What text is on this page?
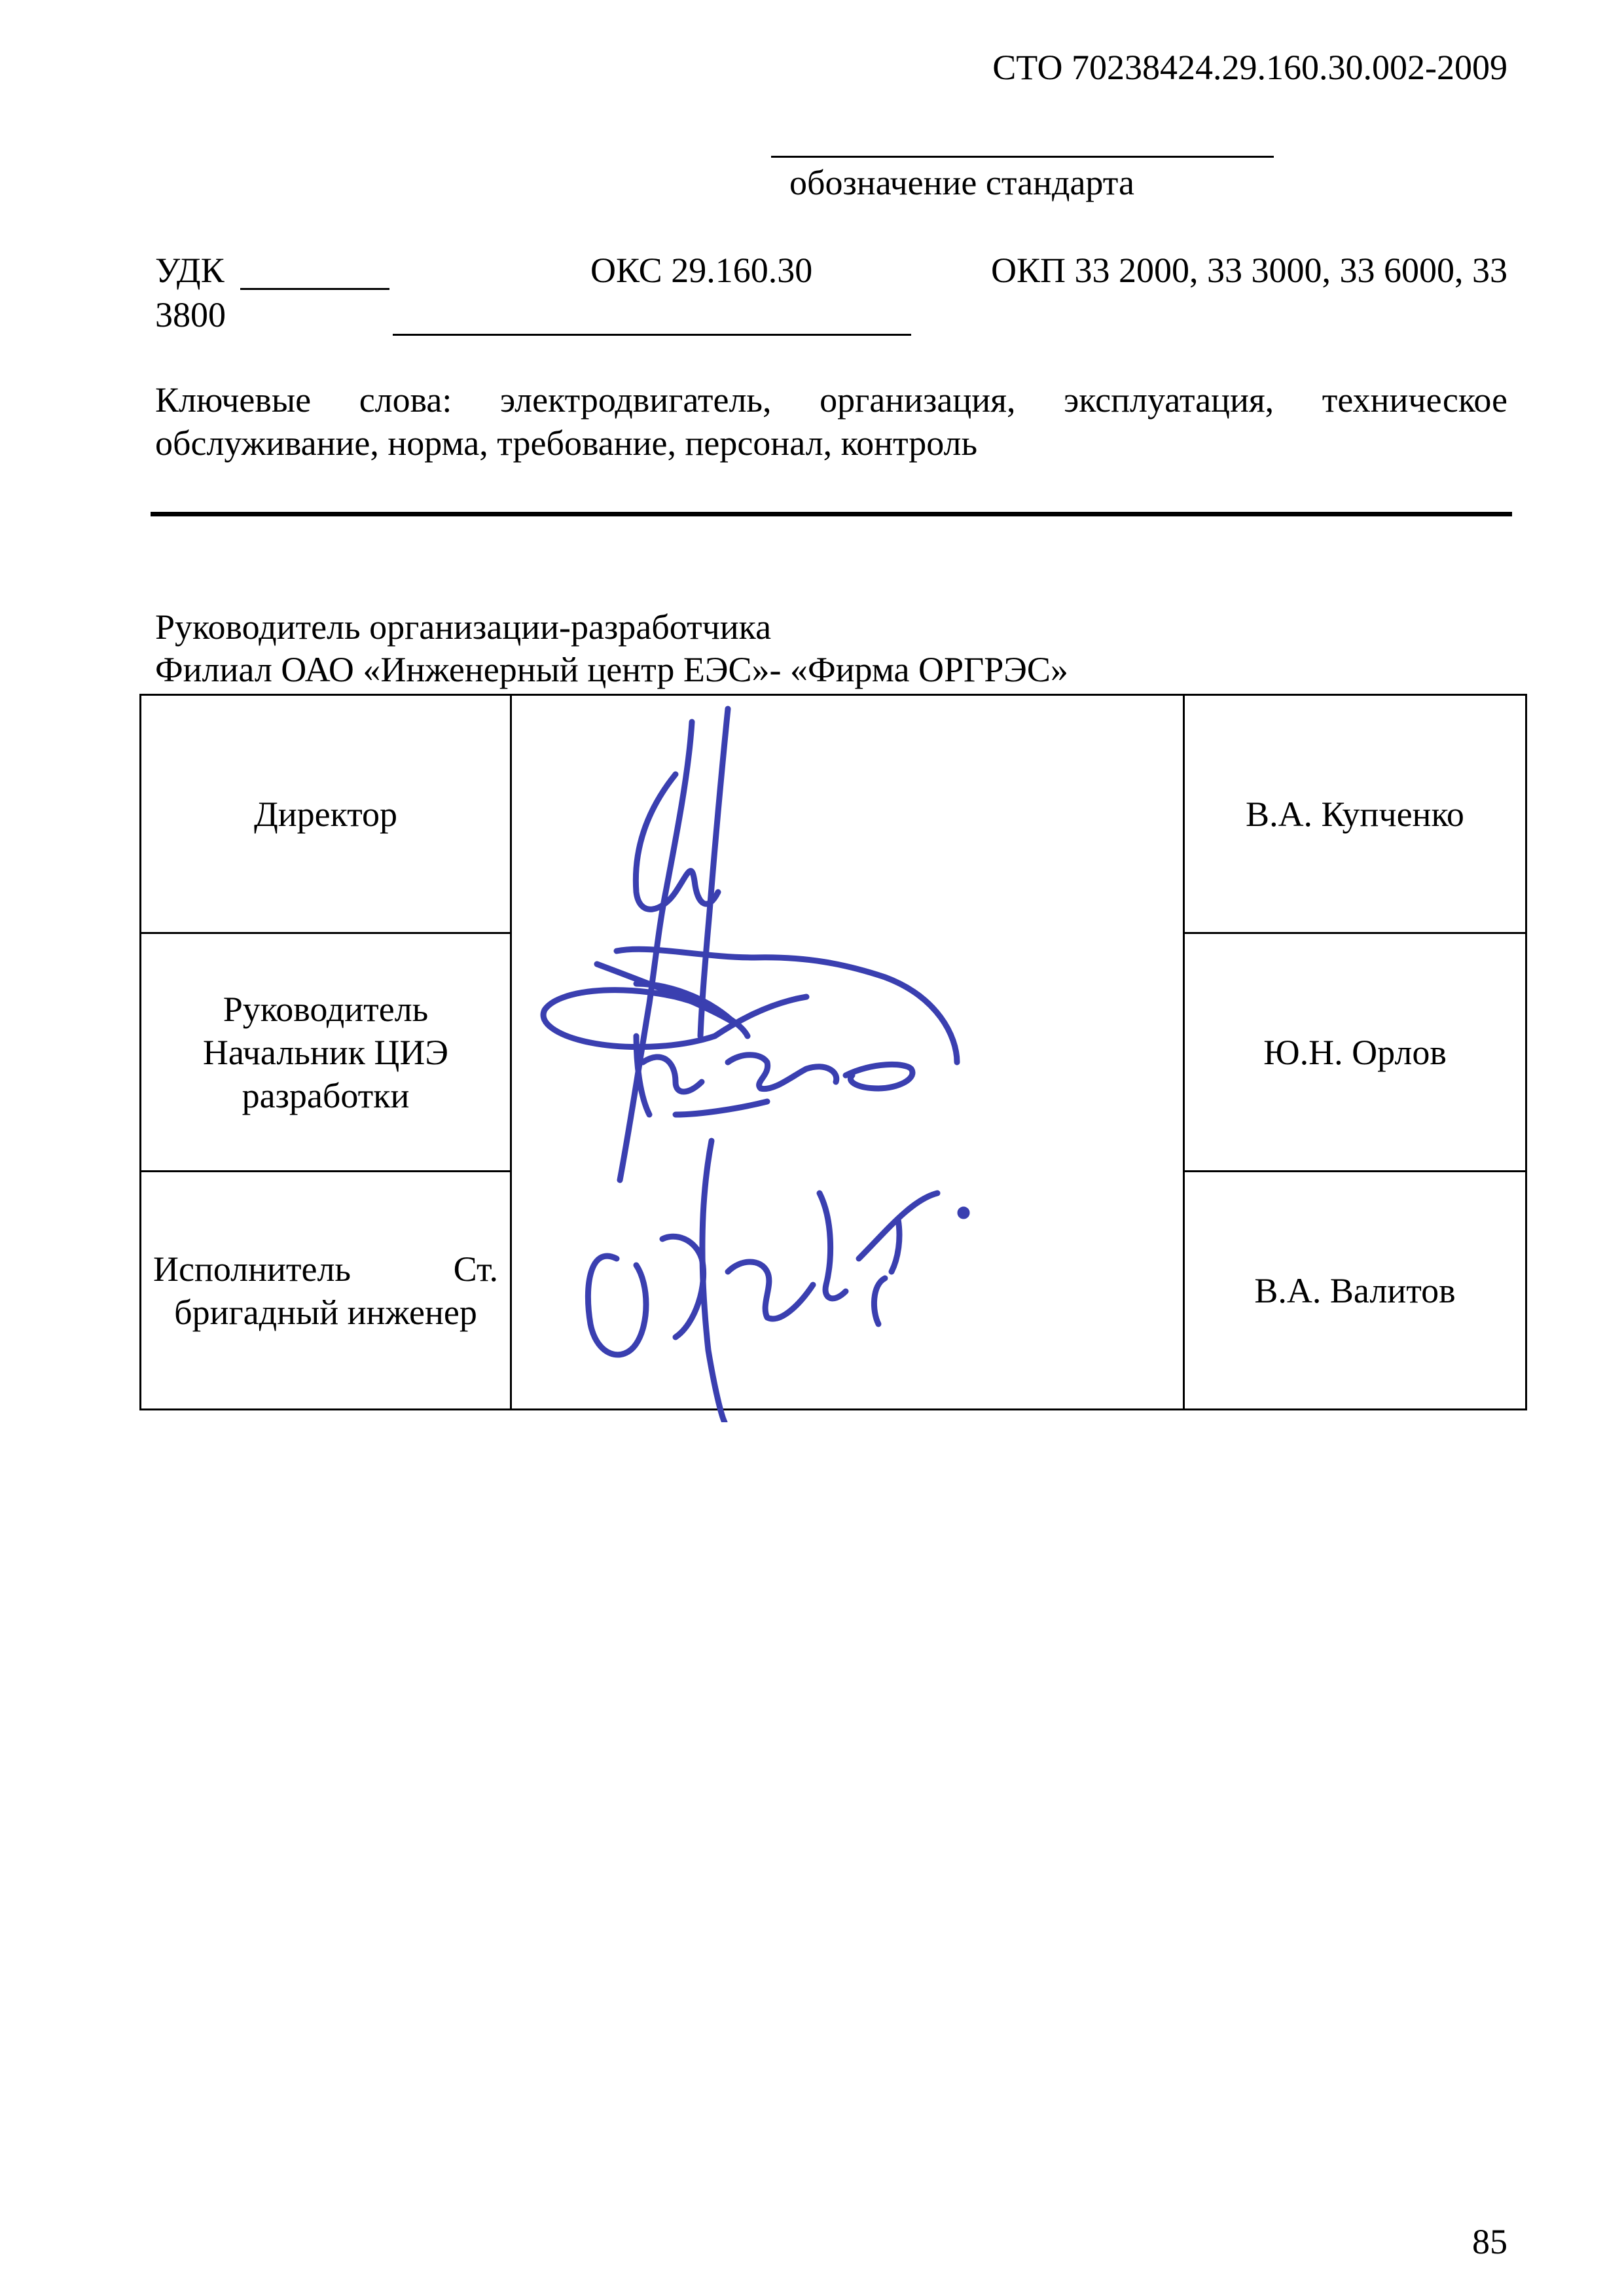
СТО 70238424.29.160.30.002-2009
обозначение стандарта
УДК	ОКС 29.160.30	ОКП 33 2000, 33 3000, 33 6000, 33
3800
Ключевые слова: электродвигатель, организация, эксплуатация, техническое обслуживание, норма, требование, персонал, контроль
Руководитель организации-разработчика
Филиал ОАО «Инженерный центр ЕЭС»- «Фирма ОРГРЭС»
Директор		В.А. Купченко

Руководитель
Начальник ЦИЭ
разработки		Ю.Н. Орлов

Исполнитель Ст.
бригадный инженер		В.А. Валитов
85
